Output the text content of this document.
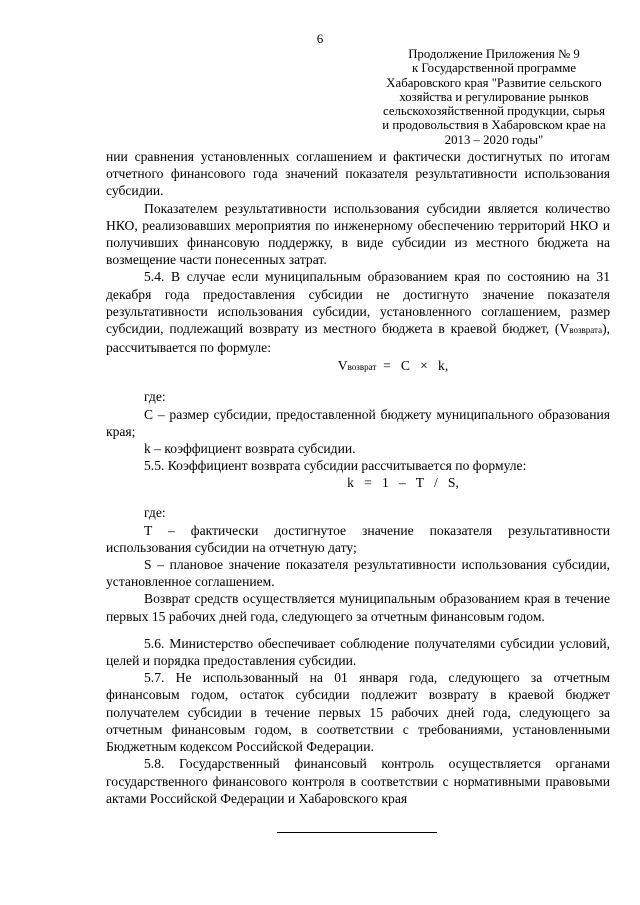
6
Продолжение Приложения № 9
к Государственной программе
Хабаровского края "Развитие сельского
хозяйства и регулирование рынков
сельскохозяйственной продукции, сырья
и продовольствия в Хабаровском крае на
2013 – 2020 годы"

нии сравнения установленных соглашением и фактически достигнутых по итогам отчетного финансового года значений показателя результативности использования субсидии.

Показателем результативности использования субсидии является количество НКО, реализовавших мероприятия по инженерному обеспечению территорий НКО и получивших финансовую поддержку, в виде субсидии из местного бюджета на возмещение части понесенных затрат.

5.4. В случае если муниципальным образованием края по состоянию на 31 декабря года предоставления субсидии не достигнуто значение показателя результативности использования субсидии, установленного соглашением, размер субсидии, подлежащий возврату из местного бюджета в краевой бюджет, (Vвозврата), рассчитывается по формуле:

Vвозврат  =   C   ×   k,

где:

С – размер субсидии, предоставленной бюджету муниципального образования края;

k – коэффициент возврата субсидии.

5.5. Коэффициент возврата субсидии рассчитывается по формуле:

k   =   1   –   T   /   S,

где:

T – фактически достигнутое значение показателя результативности использования субсидии на отчетную дату;

S – плановое значение показателя результативности использования субсидии, установленное соглашением.

Возврат средств осуществляется муниципальным образованием края в течение первых 15 рабочих дней года, следующего за отчетным финансовым годом.

5.6. Министерство обеспечивает соблюдение получателями субсидии условий, целей и порядка предоставления субсидии.

5.7. Не использованный на 01 января года, следующего за отчетным финансовым годом, остаток субсидии подлежит возврату в краевой бюджет получателем субсидии в течение первых 15 рабочих дней года, следующего за отчетным финансовым годом, в соответствии с требованиями, установленными Бюджетным кодексом Российской Федерации.

5.8. Государственный финансовый контроль осуществляется органами государственного финансового контроля в соответствии с нормативными правовыми актами Российской Федерации и Хабаровского края
